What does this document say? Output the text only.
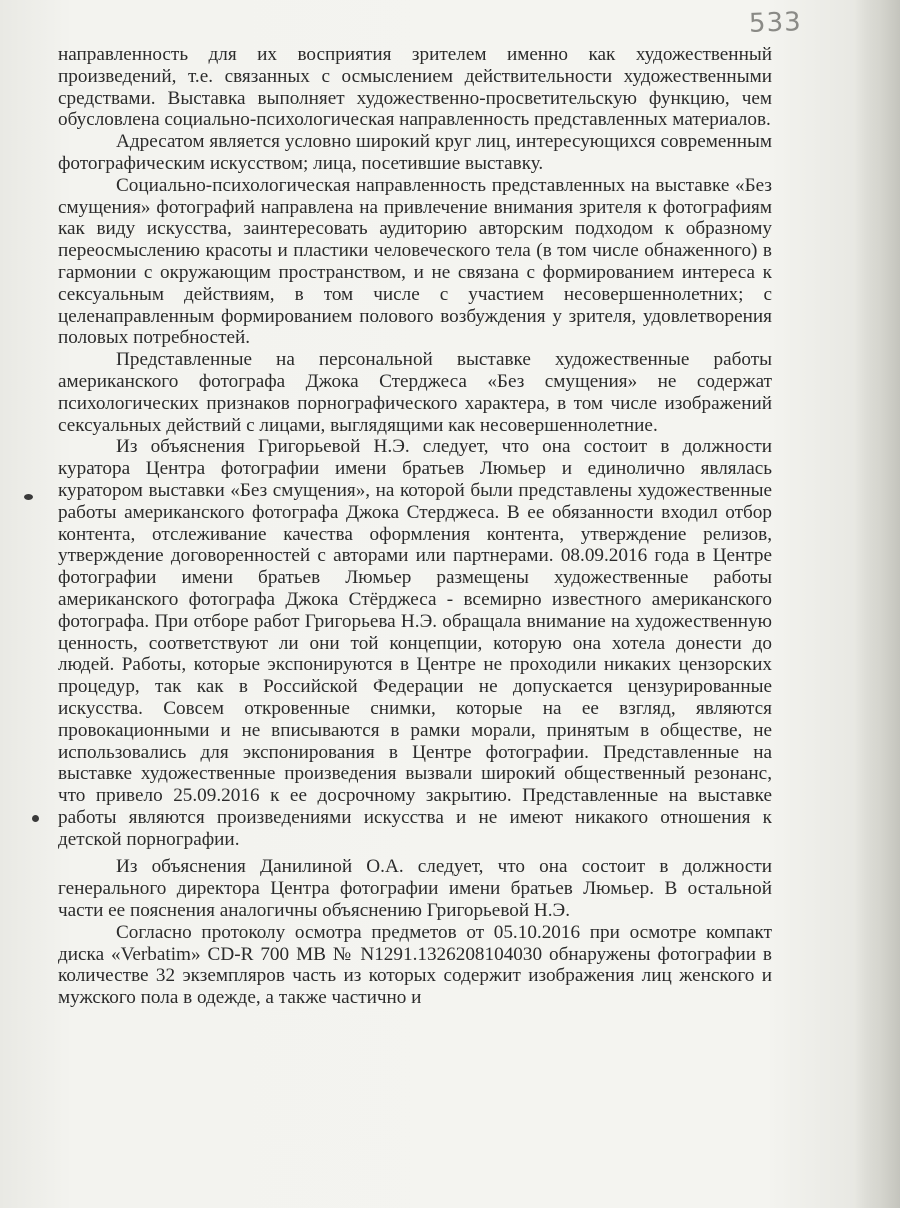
533

направленность для их восприятия зрителем именно как художественный произведений, т.е. связанных с осмыслением действительности художественными средствами. Выставка выполняет художественно-просветительскую функцию, чем обусловлена социально-психологическая направленность представленных материалов.

Адресатом является условно широкий круг лиц, интересующихся современным фотографическим искусством; лица, посетившие выставку.

Социально-психологическая направленность представленных на выставке «Без смущения» фотографий направлена на привлечение внимания зрителя к фотографиям как виду искусства, заинтересовать аудиторию авторским подходом к образному переосмыслению красоты и пластики человеческого тела (в том числе обнаженного) в гармонии с окружающим пространством, и не связана с формированием интереса к сексуальным действиям, в том числе с участием несовершеннолетних; с целенаправленным формированием полового возбуждения у зрителя, удовлетворения половых потребностей.

Представленные на персональной выставке художественные работы американского фотографа Джока Стерджеса «Без смущения» не содержат психологических признаков порнографического характера, в том числе изображений сексуальных действий с лицами, выглядящими как несовершеннолетние.

Из объяснения Григорьевой Н.Э. следует, что она состоит в должности куратора Центра фотографии имени братьев Люмьер и единолично являлась куратором выставки «Без смущения», на которой были представлены художественные работы американского фотографа Джока Стерджеса. В ее обязанности входил отбор контента, отслеживание качества оформления контента, утверждение релизов, утверждение договоренностей с авторами или партнерами. 08.09.2016 года в Центре фотографии имени братьев Люмьер размещены художественные работы американского фотографа Джока Стёрджеса - всемирно известного американского фотографа. При отборе работ Григорьева Н.Э. обращала внимание на художественную ценность, соответствуют ли они той концепции, которую она хотела донести до людей. Работы, которые экспонируются в Центре не проходили никаких цензорских процедур, так как в Российской Федерации не допускается цензурированные искусства. Совсем откровенные снимки, которые на ее взгляд, являются провокационными и не вписываются в рамки морали, принятым в обществе, не использовались для экспонирования в Центре фотографии. Представленные на выставке художественные произведения вызвали широкий общественный резонанс, что привело 25.09.2016 к ее досрочному закрытию. Представленные на выставке работы являются произведениями искусства и не имеют никакого отношения к детской порнографии.

Из объяснения Данилиной О.А. следует, что она состоит в должности генерального директора Центра фотографии имени братьев Люмьер. В остальной части ее пояснения аналогичны объяснению Григорьевой Н.Э.

Согласно протоколу осмотра предметов от 05.10.2016 при осмотре компакт диска «Verbatim» CD-R 700 MB № N1291.1326208104030 обнаружены фотографии в количестве 32 экземпляров часть из которых содержит изображения лиц женского и мужского пола в одежде, а также частично и
